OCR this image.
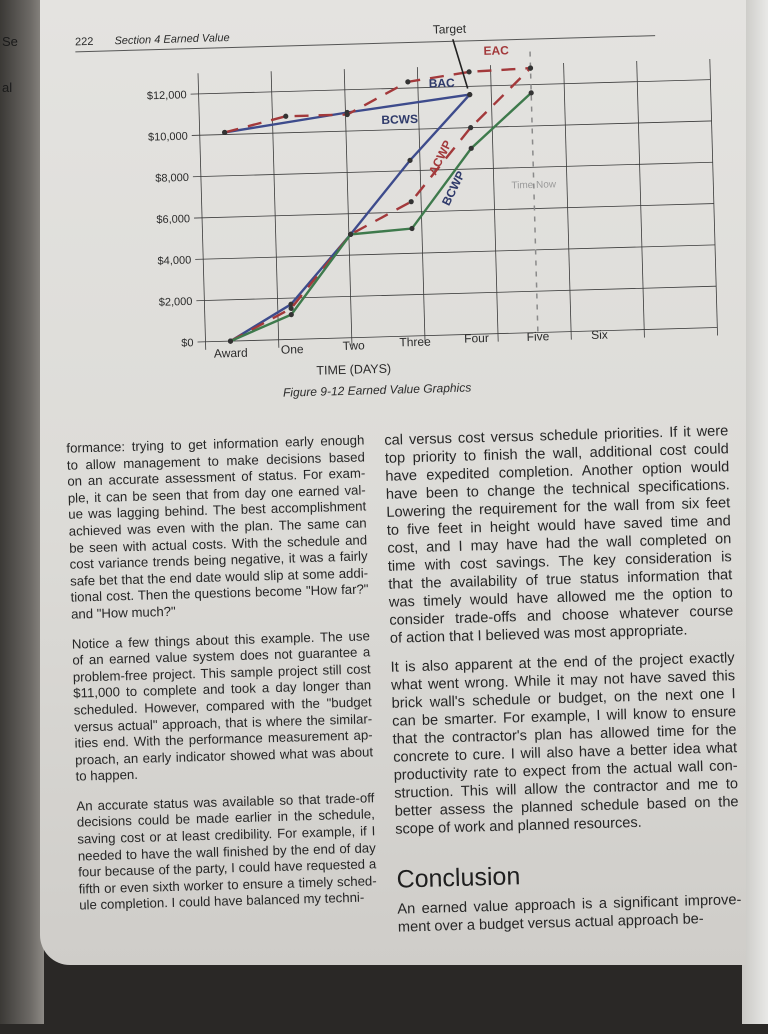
Se
al
222 Section 4 Earned Value
$0
$2,000
$4,000
$6,000
$8,000
$10,000
$12,000
Award	One	Two	Three	Four	Five	Six
Time Now
BAC
EAC
BCWS
ACWP
BCWP
Target
TIME (DAYS)
Figure 9-12 Earned Value Graphics

formance: trying to get information early enough
to allow management to make decisions based
on an accurate assessment of status. For exam-
ple, it can be seen that from day one earned val-
ue was lagging behind. The best accomplishment
achieved was even with the plan. The same can
be seen with actual costs. With the schedule and
cost variance trends being negative, it was a fairly
safe bet that the end date would slip at some addi-
tional cost. Then the questions become "How far?"
and "How much?"

Notice a few things about this example. The use
of an earned value system does not guarantee a
problem-free project. This sample project still cost
$11,000 to complete and took a day longer than
scheduled. However, compared with the "budget
versus actual" approach, that is where the similar-
ities end. With the performance measurement ap-
proach, an early indicator showed what was about
to happen.

An accurate status was available so that trade-off
decisions could be made earlier in the schedule,
saving cost or at least credibility. For example, if I
needed to have the wall finished by the end of day
four because of the party, I could have requested a
fifth or even sixth worker to ensure a timely sched-
ule completion. I could have balanced my techni-

cal versus cost versus schedule priorities. If it were
top priority to finish the wall, additional cost could
have expedited completion. Another option would
have been to change the technical specifications.
Lowering the requirement for the wall from six feet
to five feet in height would have saved time and
cost, and I may have had the wall completed on
time with cost savings. The key consideration is
that the availability of true status information that
was timely would have allowed me the option to
consider trade-offs and choose whatever course
of action that I believed was most appropriate.

It is also apparent at the end of the project exactly
what went wrong. While it may not have saved this
brick wall's schedule or budget, on the next one I
can be smarter. For example, I will know to ensure
that the contractor's plan has allowed time for the
concrete to cure. I will also have a better idea what
productivity rate to expect from the actual wall con-
struction. This will allow the contractor and me to
better assess the planned schedule based on the
scope of work and planned resources.

Conclusion

An earned value approach is a significant improve-
ment over a budget versus actual approach be-
